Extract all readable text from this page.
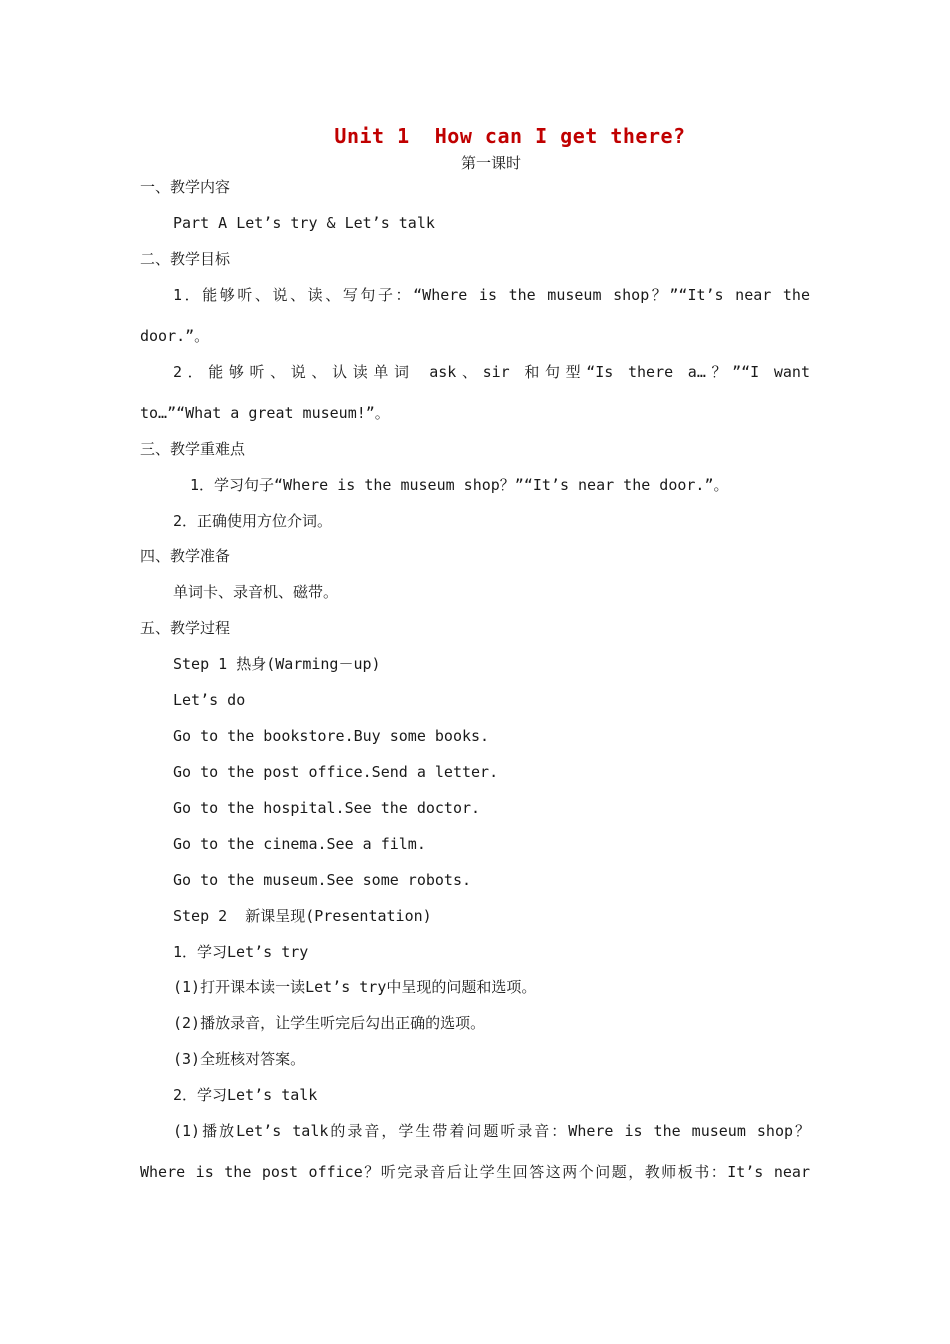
Unit 1  How can I get there?
第一课时
一、教学内容
Part A Let’s try & Let’s talk
二、教学目标
1．能够听、说、读、写句子：“Where is the museum shop？”“It’s near the
door.”。
2．能够听、说、认读单词 ask、sir 和句型“Is there a…？”“I want
to…”“What a great museum!”。
三、教学重难点
1．学习句子“Where is the museum shop？”“It’s near the door.”。
2．正确使用方位介词。
四、教学准备
单词卡、录音机、磁带。
五、教学过程
Step 1 热身(Warming－up)
Let’s do
Go to the bookstore.Buy some books.
Go to the post office.Send a letter.
Go to the hospital.See the doctor.
Go to the cinema.See a film.
Go to the museum.See some robots.
Step 2  新课呈现(Presentation)
1．学习Let’s try
(1)打开课本读一读Let’s try中呈现的问题和选项。
(2)播放录音，让学生听完后勾出正确的选项。
(3)全班核对答案。
2．学习Let’s talk
(1)播放Let’s talk的录音，学生带着问题听录音：Where is the museum shop？
Where is the post office？听完录音后让学生回答这两个问题，教师板书：It’s near
